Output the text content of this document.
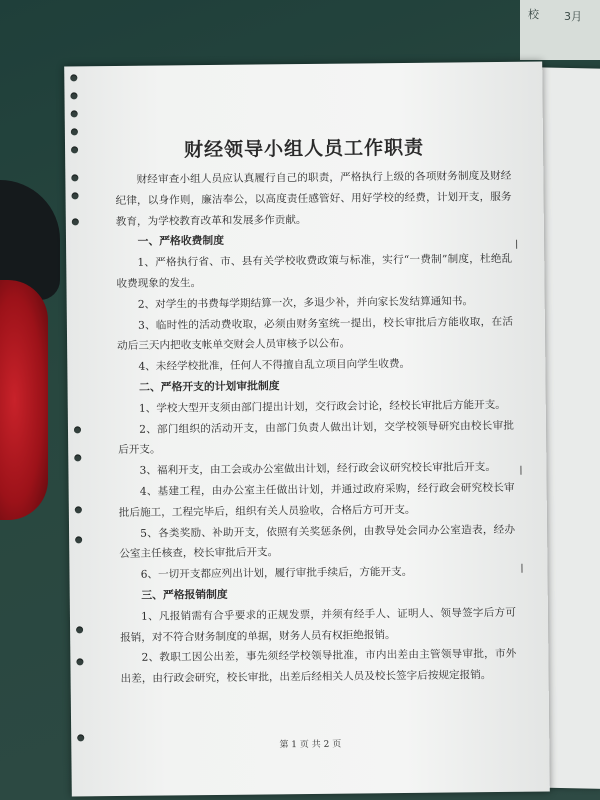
校 3月
财经领导小组人员工作职责

财经审查小组人员应认真履行自己的职责，严格执行上级的各项财务制度及财经纪律，以身作则，廉洁奉公，以高度责任感管好、用好学校的经费，计划开支，服务教育，为学校教育改革和发展多作贡献。

一、严格收费制度

1、严格执行省、市、县有关学校收费政策与标准，实行“一费制”制度，杜绝乱收费现象的发生。

2、对学生的书费每学期结算一次，多退少补，并向家长发结算通知书。

3、临时性的活动费收取，必须由财务室统一提出，校长审批后方能收取，在活动后三天内把收支帐单交财会人员审核予以公布。

4、未经学校批准，任何人不得擅自乱立项目向学生收费。

二、严格开支的计划审批制度

1、学校大型开支须由部门提出计划，交行政会讨论，经校长审批后方能开支。

2、部门组织的活动开支，由部门负责人做出计划，交学校领导研究由校长审批后开支。

3、福利开支，由工会或办公室做出计划，经行政会议研究校长审批后开支。

4、基建工程，由办公室主任做出计划，并通过政府采购，经行政会研究校长审批后施工，工程完毕后，组织有关人员验收，合格后方可开支。

5、各类奖励、补助开支，依照有关奖惩条例，由教导处会同办公室造表，经办公室主任核查，校长审批后开支。

6、一切开支都应列出计划，履行审批手续后，方能开支。

三、严格报销制度

1、凡报销需有合乎要求的正规发票，并须有经手人、证明人、领导签字后方可报销，对不符合财务制度的单据，财务人员有权拒绝报销。

2、教职工因公出差，事先须经学校领导批准，市内出差由主管领导审批，市外出差，由行政会研究，校长审批，出差后经相关人员及校长签字后按规定报销。

第 1 页 共 2 页
